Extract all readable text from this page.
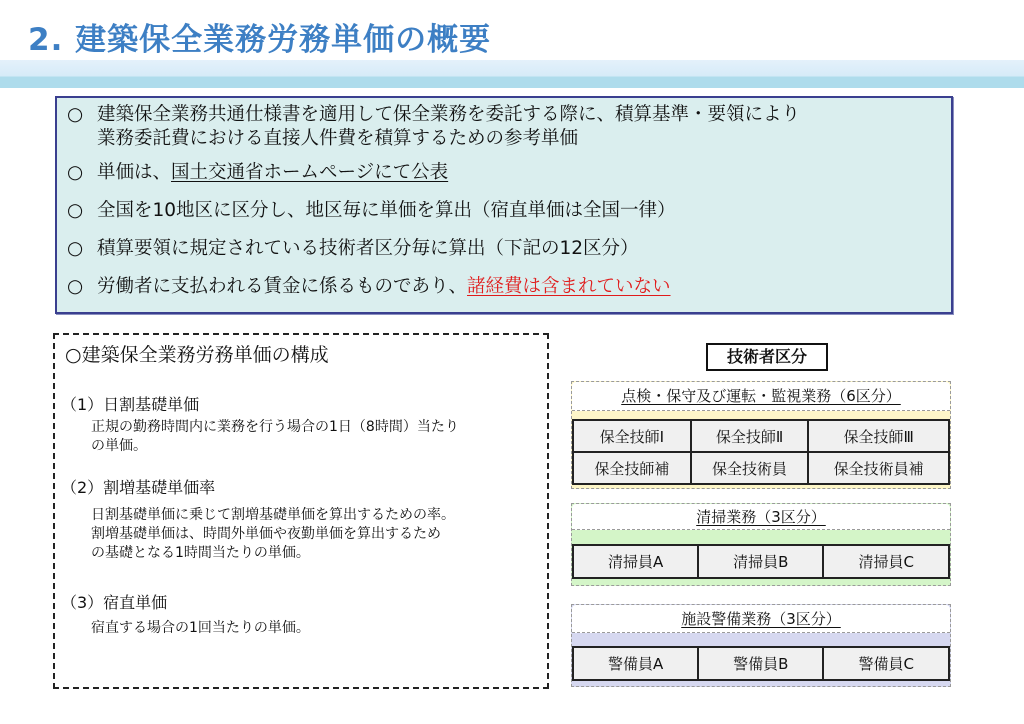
2. 建築保全業務労務単価の概要
○ 建築保全業務共通仕様書を適用して保全業務を委託する際に、積算基準・要領により
業務委託費における直接人件費を積算するための参考単価
○ 単価は、国土交通省ホームページにて公表
○ 全国を10地区に区分し、地区毎に単価を算出（宿直単価は全国一律）
○ 積算要領に規定されている技術者区分毎に算出（下記の12区分）
○ 労働者に支払われる賃金に係るものであり、諸経費は含まれていない
○建築保全業務労務単価の構成
（1）日割基礎単価
正規の勤務時間内に業務を行う場合の1日（8時間）当たり
の単価。
（2）割増基礎単価率
日割基礎単価に乗じて割増基礎単価を算出するための率。
割増基礎単価は、時間外単価や夜勤単価を算出するため
の基礎となる1時間当たりの単価。
（3）宿直単価
宿直する場合の1回当たりの単価。
技術者区分
点検・保守及び運転・監視業務（6区分）
保全技師Ⅰ	保全技師Ⅱ	保全技師Ⅲ
保全技師補	保全技術員	保全技術員補
清掃業務（3区分）
清掃員A	清掃員B	清掃員C
施設警備業務（3区分）
警備員A	警備員B	警備員C
